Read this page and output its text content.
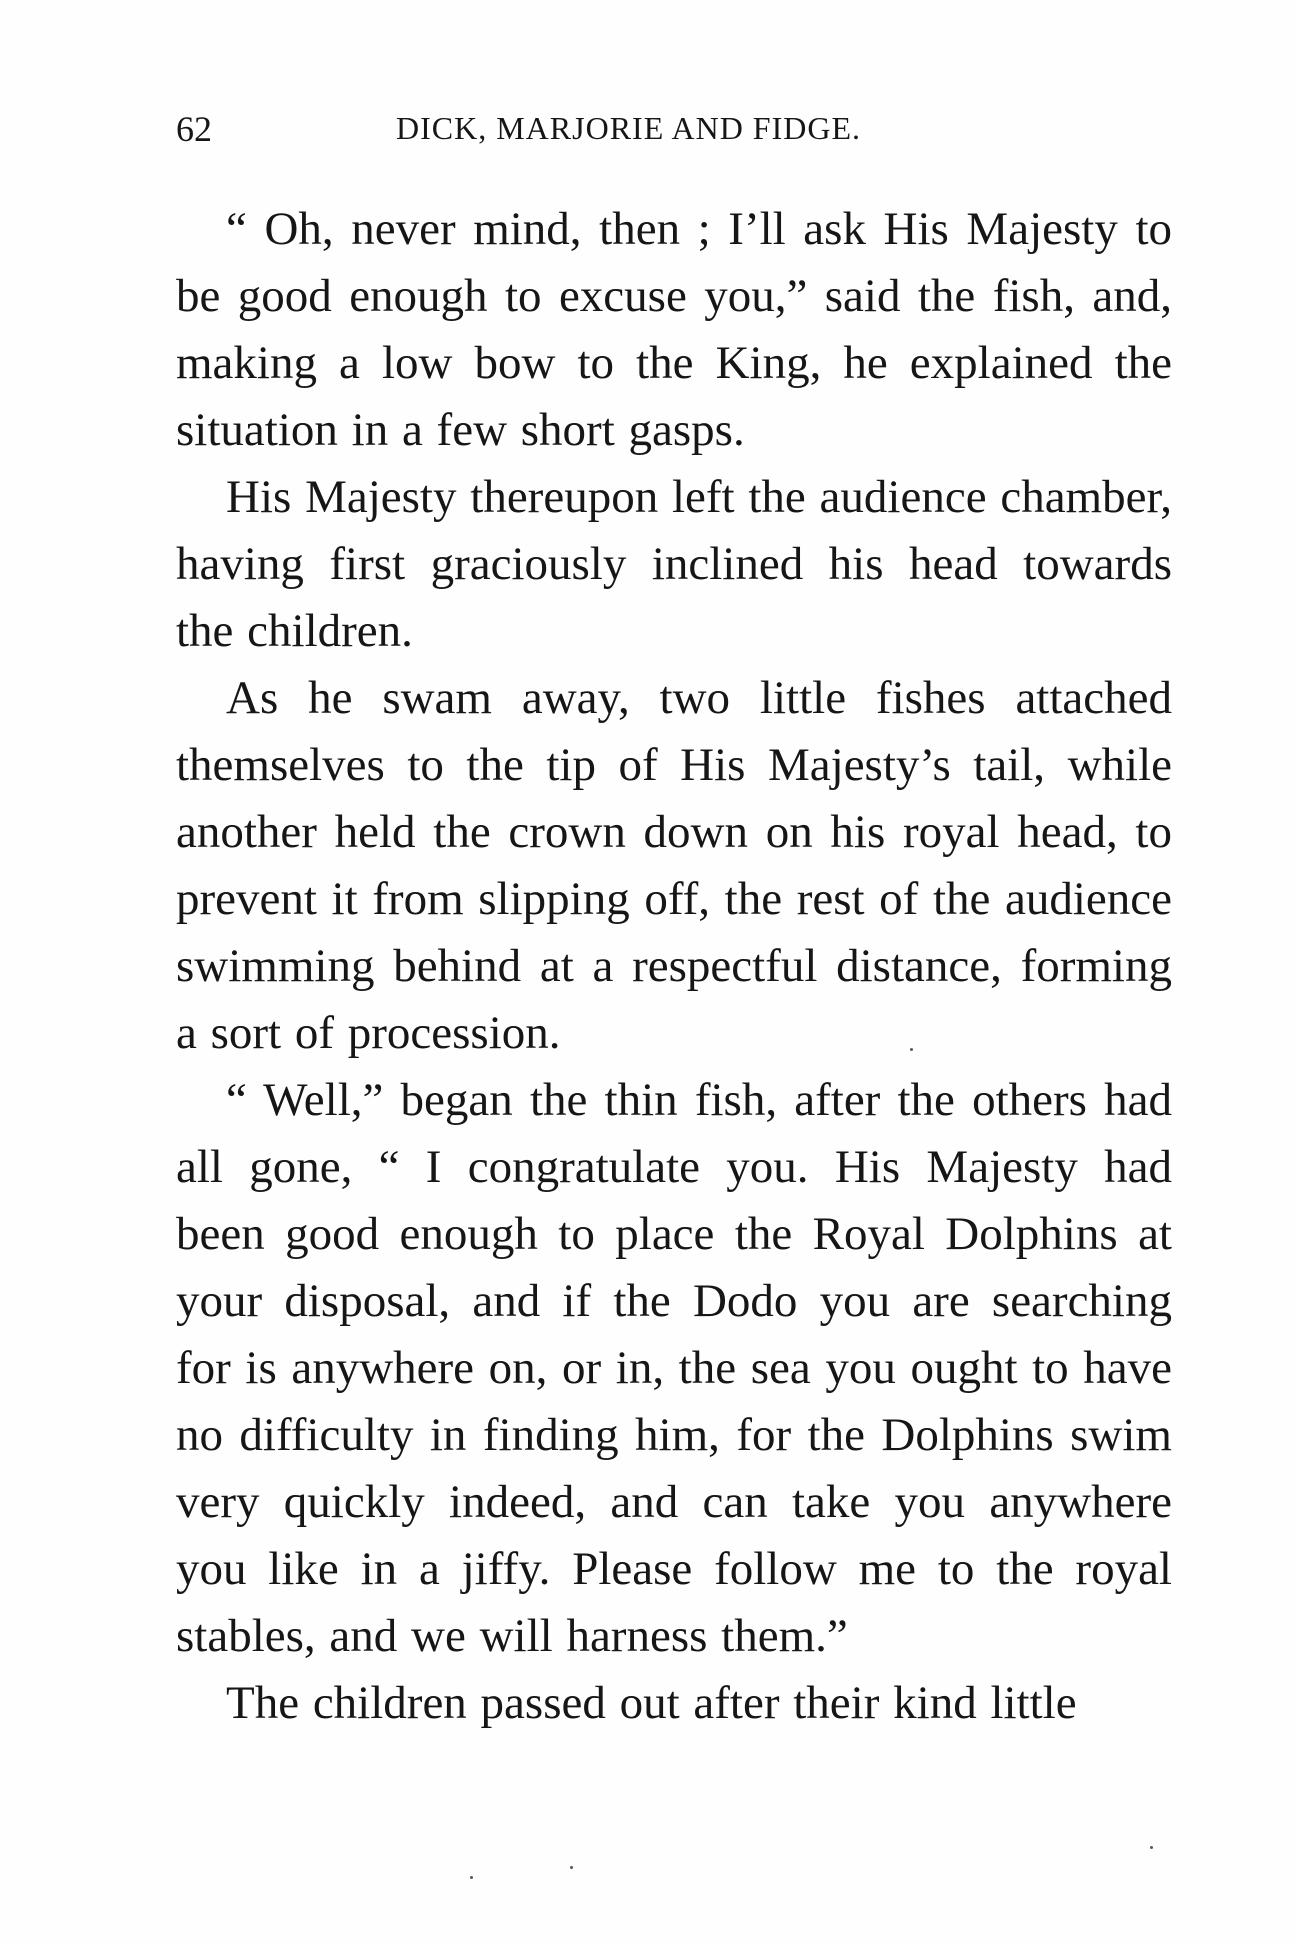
62	DICK, MARJORIE AND FIDGE.

“ Oh, never mind, then ; I’ll ask His Majesty to be good enough to excuse you,” said the fish, and, making a low bow to the King, he explained the situation in a few short gasps.

His Majesty thereupon left the audience chamber, having first graciously inclined his head towards the children.

As he swam away, two little fishes attached themselves to the tip of His Majesty’s tail, while another held the crown down on his royal head, to prevent it from slipping off, the rest of the audience swimming behind at a respectful distance, forming a sort of procession.

“ Well,” began the thin fish, after the others had all gone, “ I congratulate you. His Majesty had been good enough to place the Royal Dolphins at your disposal, and if the Dodo you are searching for is anywhere on, or in, the sea you ought to have no difficulty in finding him, for the Dolphins swim very quickly indeed, and can take you anywhere you like in a jiffy. Please follow me to the royal stables, and we will harness them.”

The children passed out after their kind little
